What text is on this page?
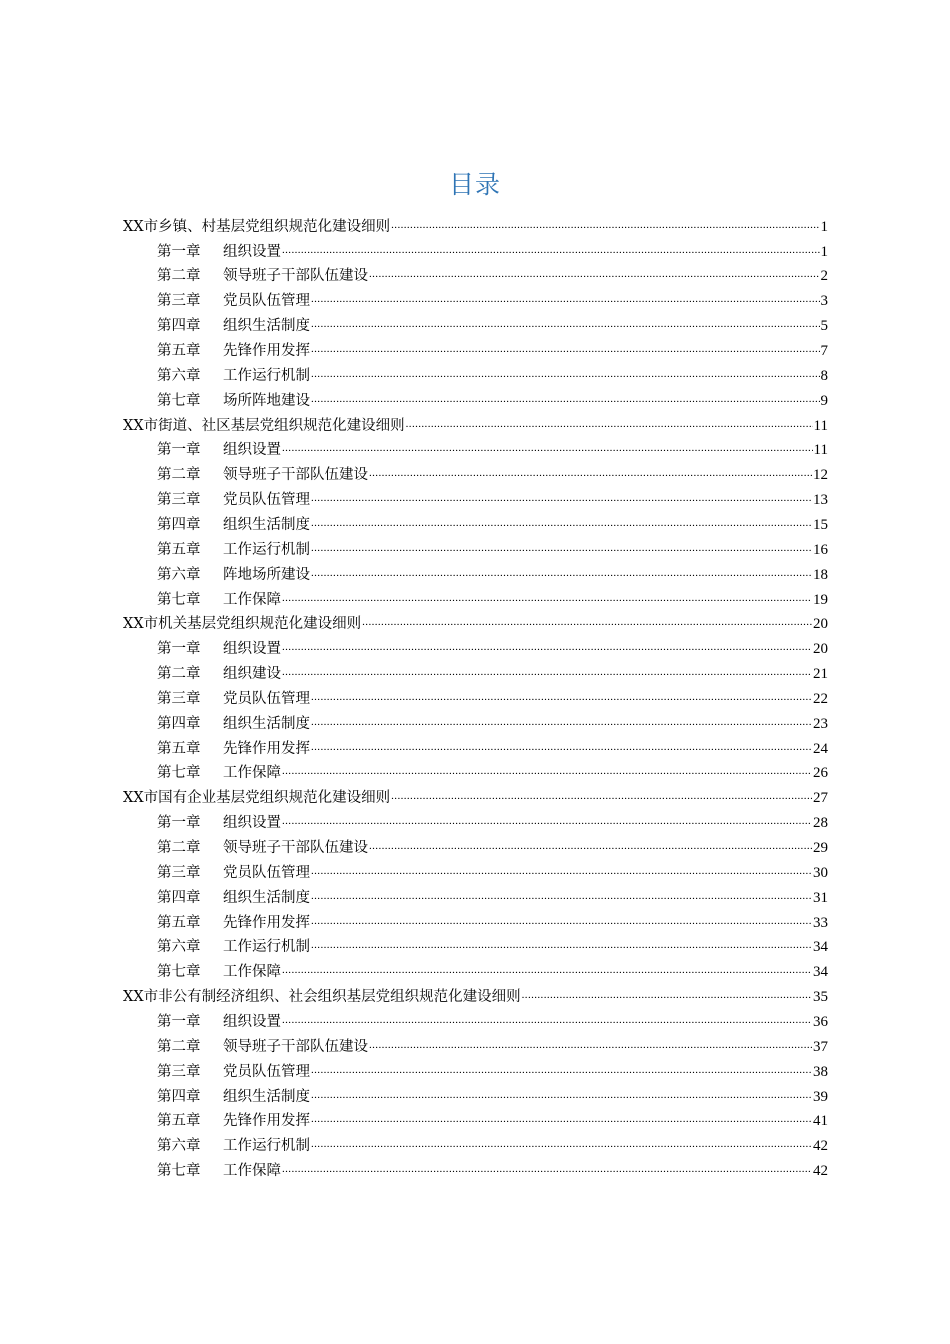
目录
XX市乡镇、村基层党组织规范化建设细则 .....	1
第一章 组织设置 .....	1
第二章 领导班子干部队伍建设 .....	2
第三章 党员队伍管理 .....	3
第四章 组织生活制度 .....	5
第五章 先锋作用发挥 .....	7
第六章 工作运行机制 .....	8
第七章 场所阵地建设 .....	9
XX市街道、社区基层党组织规范化建设细则 .....	11
第一章 组织设置 .....	11
第二章 领导班子干部队伍建设 .....	12
第三章 党员队伍管理 .....	13
第四章 组织生活制度 .....	15
第五章 工作运行机制 .....	16
第六章 阵地场所建设 .....	18
第七章 工作保障 .....	19
XX市机关基层党组织规范化建设细则 .....	20
第一章 组织设置 .....	20
第二章 组织建设 .....	21
第三章 党员队伍管理 .....	22
第四章 组织生活制度 .....	23
第五章 先锋作用发挥 .....	24
第七章 工作保障 .....	26
XX市国有企业基层党组织规范化建设细则 .....	27
第一章 组织设置 .....	28
第二章 领导班子干部队伍建设 .....	29
第三章 党员队伍管理 .....	30
第四章 组织生活制度 .....	31
第五章 先锋作用发挥 .....	33
第六章 工作运行机制 .....	34
第七章 工作保障 .....	34
XX市非公有制经济组织、社会组织基层党组织规范化建设细则 .....	35
第一章 组织设置 .....	36
第二章 领导班子干部队伍建设 .....	37
第三章 党员队伍管理 .....	38
第四章 组织生活制度 .....	39
第五章 先锋作用发挥 .....	41
第六章 工作运行机制 .....	42
第七章 工作保障 .....	42
